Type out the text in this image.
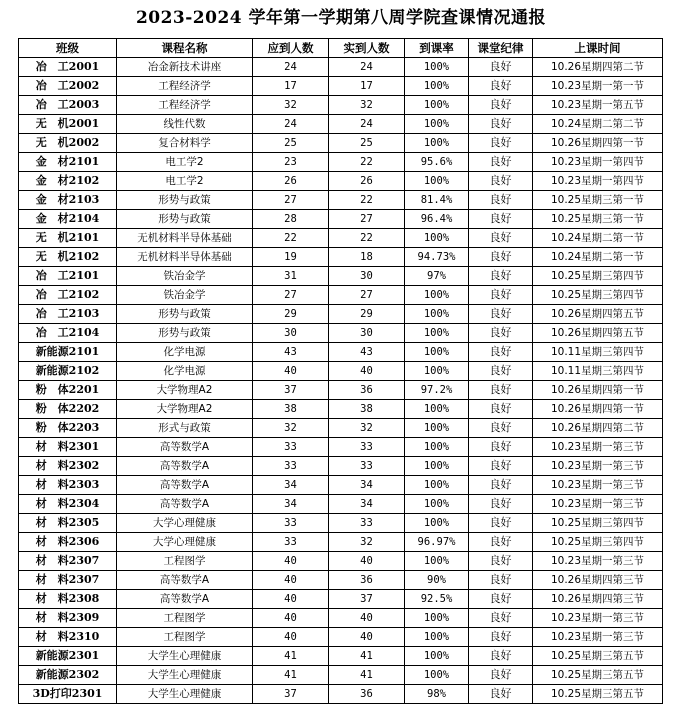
2023-2024 学年第一学期第八周学院查课情况通报
班级	课程名称	应到人数	实到人数	到课率	课堂纪律	上课时间
冶　工2001	冶金新技术讲座	24	24	100%	良好	10.26星期四第二节
冶　工2002	工程经济学	17	17	100%	良好	10.23星期一第一节
冶　工2003	工程经济学	32	32	100%	良好	10.23星期一第五节
无　机2001	线性代数	24	24	100%	良好	10.24星期二第二节
无　机2002	复合材料学	25	25	100%	良好	10.26星期四第一节
金　材2101	电工学2	23	22	95.6%	良好	10.23星期一第四节
金　材2102	电工学2	26	26	100%	良好	10.23星期一第四节
金　材2103	形势与政策	27	22	81.4%	良好	10.25星期三第一节
金　材2104	形势与政策	28	27	96.4%	良好	10.25星期三第一节
无　机2101	无机材料半导体基础	22	22	100%	良好	10.24星期二第一节
无　机2102	无机材料半导体基础	19	18	94.73%	良好	10.24星期二第一节
冶　工2101	铁冶金学	31	30	97%	良好	10.25星期三第四节
冶　工2102	铁冶金学	27	27	100%	良好	10.25星期三第四节
冶　工2103	形势与政策	29	29	100%	良好	10.26星期四第五节
冶　工2104	形势与政策	30	30	100%	良好	10.26星期四第五节
新能源2101	化学电源	43	43	100%	良好	10.11星期三第四节
新能源2102	化学电源	40	40	100%	良好	10.11星期三第四节
粉　体2201	大学物理A2	37	36	97.2%	良好	10.26星期四第一节
粉　体2202	大学物理A2	38	38	100%	良好	10.26星期四第一节
粉　体2203	形式与政策	32	32	100%	良好	10.26星期四第二节
材　料2301	高等数学A	33	33	100%	良好	10.23星期一第三节
材　料2302	高等数学A	33	33	100%	良好	10.23星期一第三节
材　料2303	高等数学A	34	34	100%	良好	10.23星期一第三节
材　料2304	高等数学A	34	34	100%	良好	10.23星期一第三节
材　料2305	大学心理健康	33	33	100%	良好	10.25星期三第四节
材　料2306	大学心理健康	33	32	96.97%	良好	10.25星期三第四节
材　料2307	工程图学	40	40	100%	良好	10.23星期一第三节
材　料2307	高等数学A	40	36	90%	良好	10.26星期四第三节
材　料2308	高等数学A	40	37	92.5%	良好	10.26星期四第三节
材　料2309	工程图学	40	40	100%	良好	10.23星期一第三节
材　料2310	工程图学	40	40	100%	良好	10.23星期一第三节
新能源2301	大学生心理健康	41	41	100%	良好	10.25星期三第五节
新能源2302	大学生心理健康	41	41	100%	良好	10.25星期三第五节
3D打印2301	大学生心理健康	37	36	98%	良好	10.25星期三第五节
